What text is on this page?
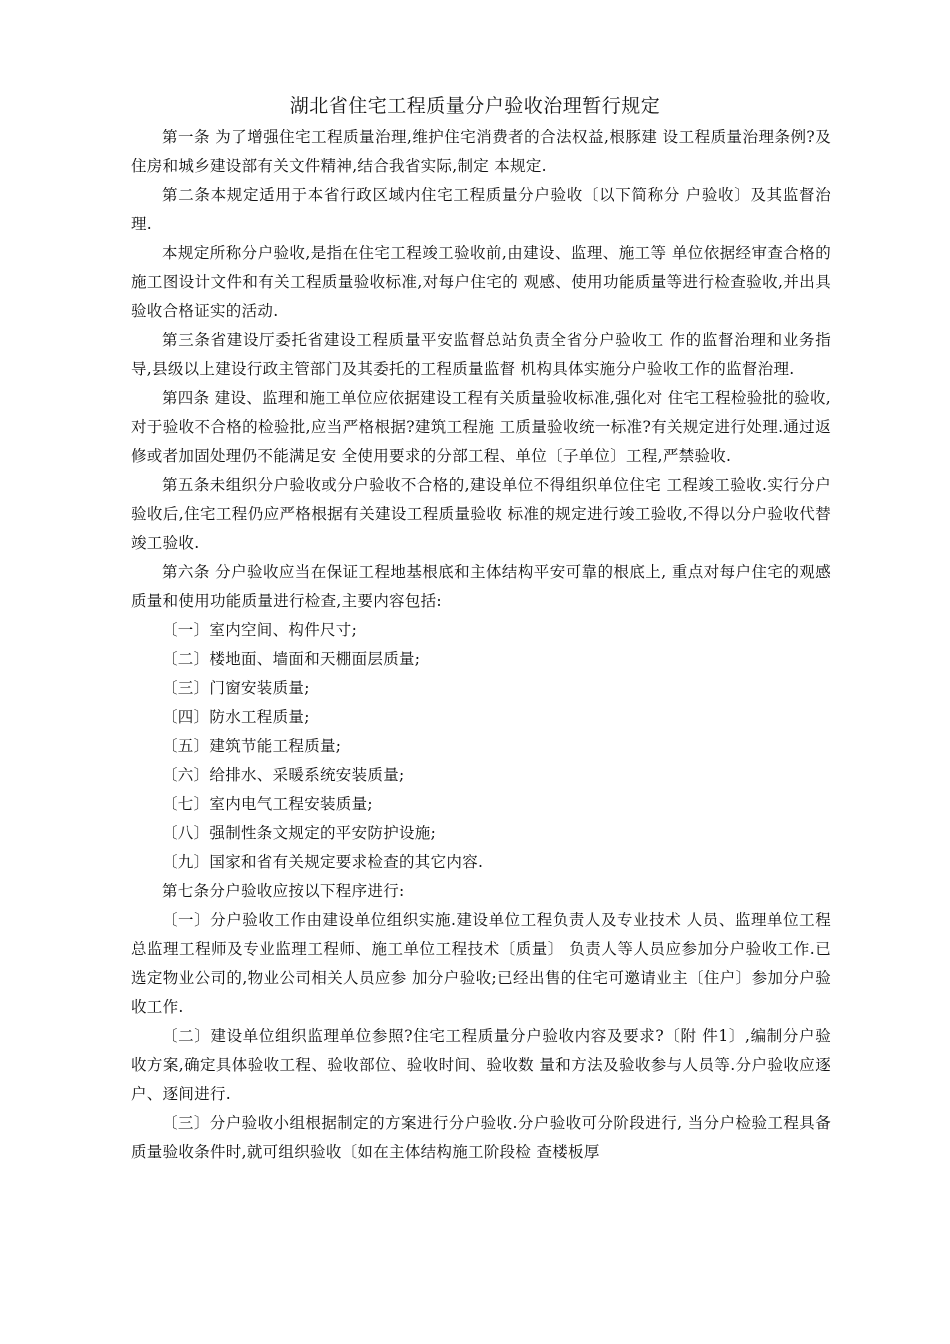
湖北省住宅工程质量分户验收治理暂行规定

第一条 为了增强住宅工程质量治理,维护住宅消费者的合法权益,根豚建 设工程质量治理条例?及住房和城乡建设部有关文件精神,结合我省实际,制定 本规定.

第二条本规定适用于本省行政区域内住宅工程质量分户验收〔以下简称分 户验收〕及其监督治理.

本规定所称分户验收,是指在住宅工程竣工验收前,由建设、监理、施工等 单位依据经审查合格的施工图设计文件和有关工程质量验收标准,对每户住宅的 观感、使用功能质量等进行检查验收,并出具验收合格证实的活动.

第三条省建设厅委托省建设工程质量平安监督总站负责全省分户验收工 作的监督治理和业务指导,县级以上建设行政主管部门及其委托的工程质量监督 机构具体实施分户验收工作的监督治理.

第四条 建设、监理和施工单位应依据建设工程有关质量验收标准,强化对 住宅工程检验批的验收,对于验收不合格的检验批,应当严格根据?建筑工程施 工质量验收统一标准?有关规定进行处理.通过返修或者加固处理仍不能满足安 全使用要求的分部工程、单位〔子单位〕工程,严禁验收.

第五条未组织分户验收或分户验收不合格的,建设单位不得组织单位住宅 工程竣工验收.实行分户验收后,住宅工程仍应严格根据有关建设工程质量验收 标准的规定进行竣工验收,不得以分户验收代替竣工验收.

第六条 分户验收应当在保证工程地基根底和主体结构平安可靠的根底上, 重点对每户住宅的观感质量和使用功能质量进行检查,主要内容包括:

〔一〕室内空间、构件尺寸;

〔二〕楼地面、墙面和天棚面层质量;

〔三〕门窗安装质量;

〔四〕防水工程质量;

〔五〕建筑节能工程质量;

〔六〕给排水、采暖系统安装质量;

〔七〕室内电气工程安装质量;

〔八〕强制性条文规定的平安防护设施;

〔九〕国家和省有关规定要求检查的其它内容.

第七条分户验收应按以下程序进行:

〔一〕分户验收工作由建设单位组织实施.建设单位工程负责人及专业技术 人员、监理单位工程总监理工程师及专业监理工程师、施工单位工程技术〔质量〕 负责人等人员应参加分户验收工作.已选定物业公司的,物业公司相关人员应参 加分户验收;已经出售的住宅可邀请业主〔住户〕参加分户验收工作.

〔二〕建设单位组织监理单位参照?住宅工程质量分户验收内容及要求?〔附 件1〕,编制分户验收方案,确定具体验收工程、验收部位、验收时间、验收数 量和方法及验收参与人员等.分户验收应逐户、逐间进行.

〔三〕分户验收小组根据制定的方案进行分户验收.分户验收可分阶段进行, 当分户检验工程具备质量验收条件时,就可组织验收〔如在主体结构施工阶段检 查楼板厚
